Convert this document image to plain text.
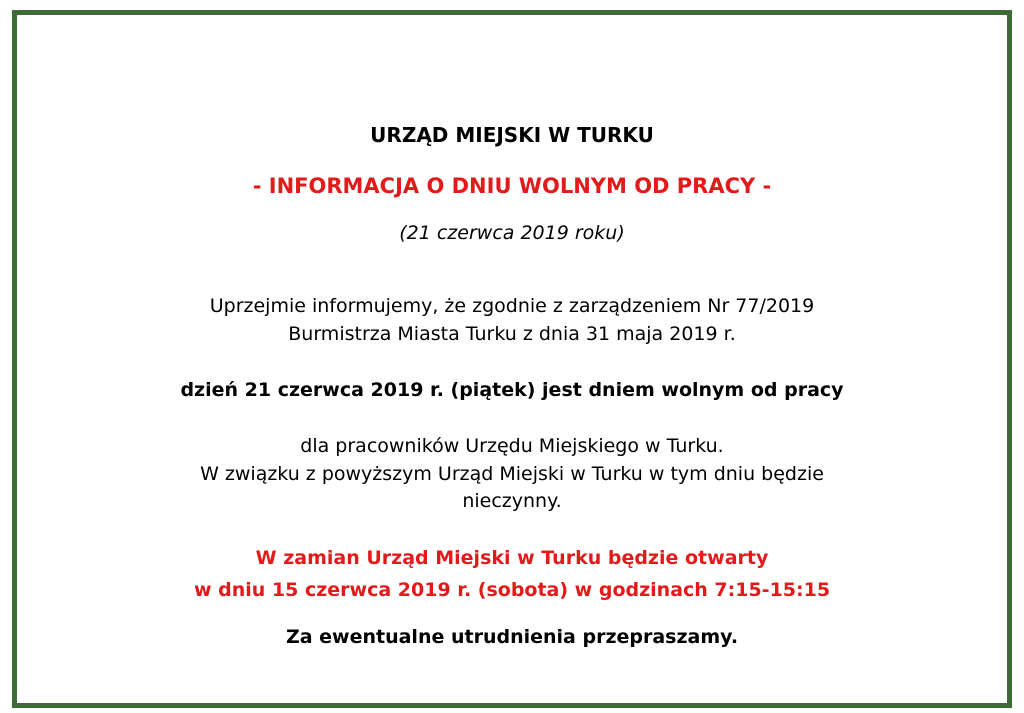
URZĄD MIEJSKI W TURKU
- INFORMACJA O DNIU WOLNYM OD PRACY -
(21 czerwca 2019 roku)
Uprzejmie informujemy, że zgodnie z zarządzeniem Nr 77/2019
Burmistrza Miasta Turku z dnia 31 maja 2019 r.
dzień 21 czerwca 2019 r. (piątek) jest dniem wolnym od pracy
dla pracowników Urzędu Miejskiego w Turku.
W związku z powyższym Urząd Miejski w Turku w tym dniu będzie
nieczynny.
W zamian Urząd Miejski w Turku będzie otwarty
w dniu 15 czerwca 2019 r. (sobota) w godzinach 7:15-15:15
Za ewentualne utrudnienia przepraszamy.
